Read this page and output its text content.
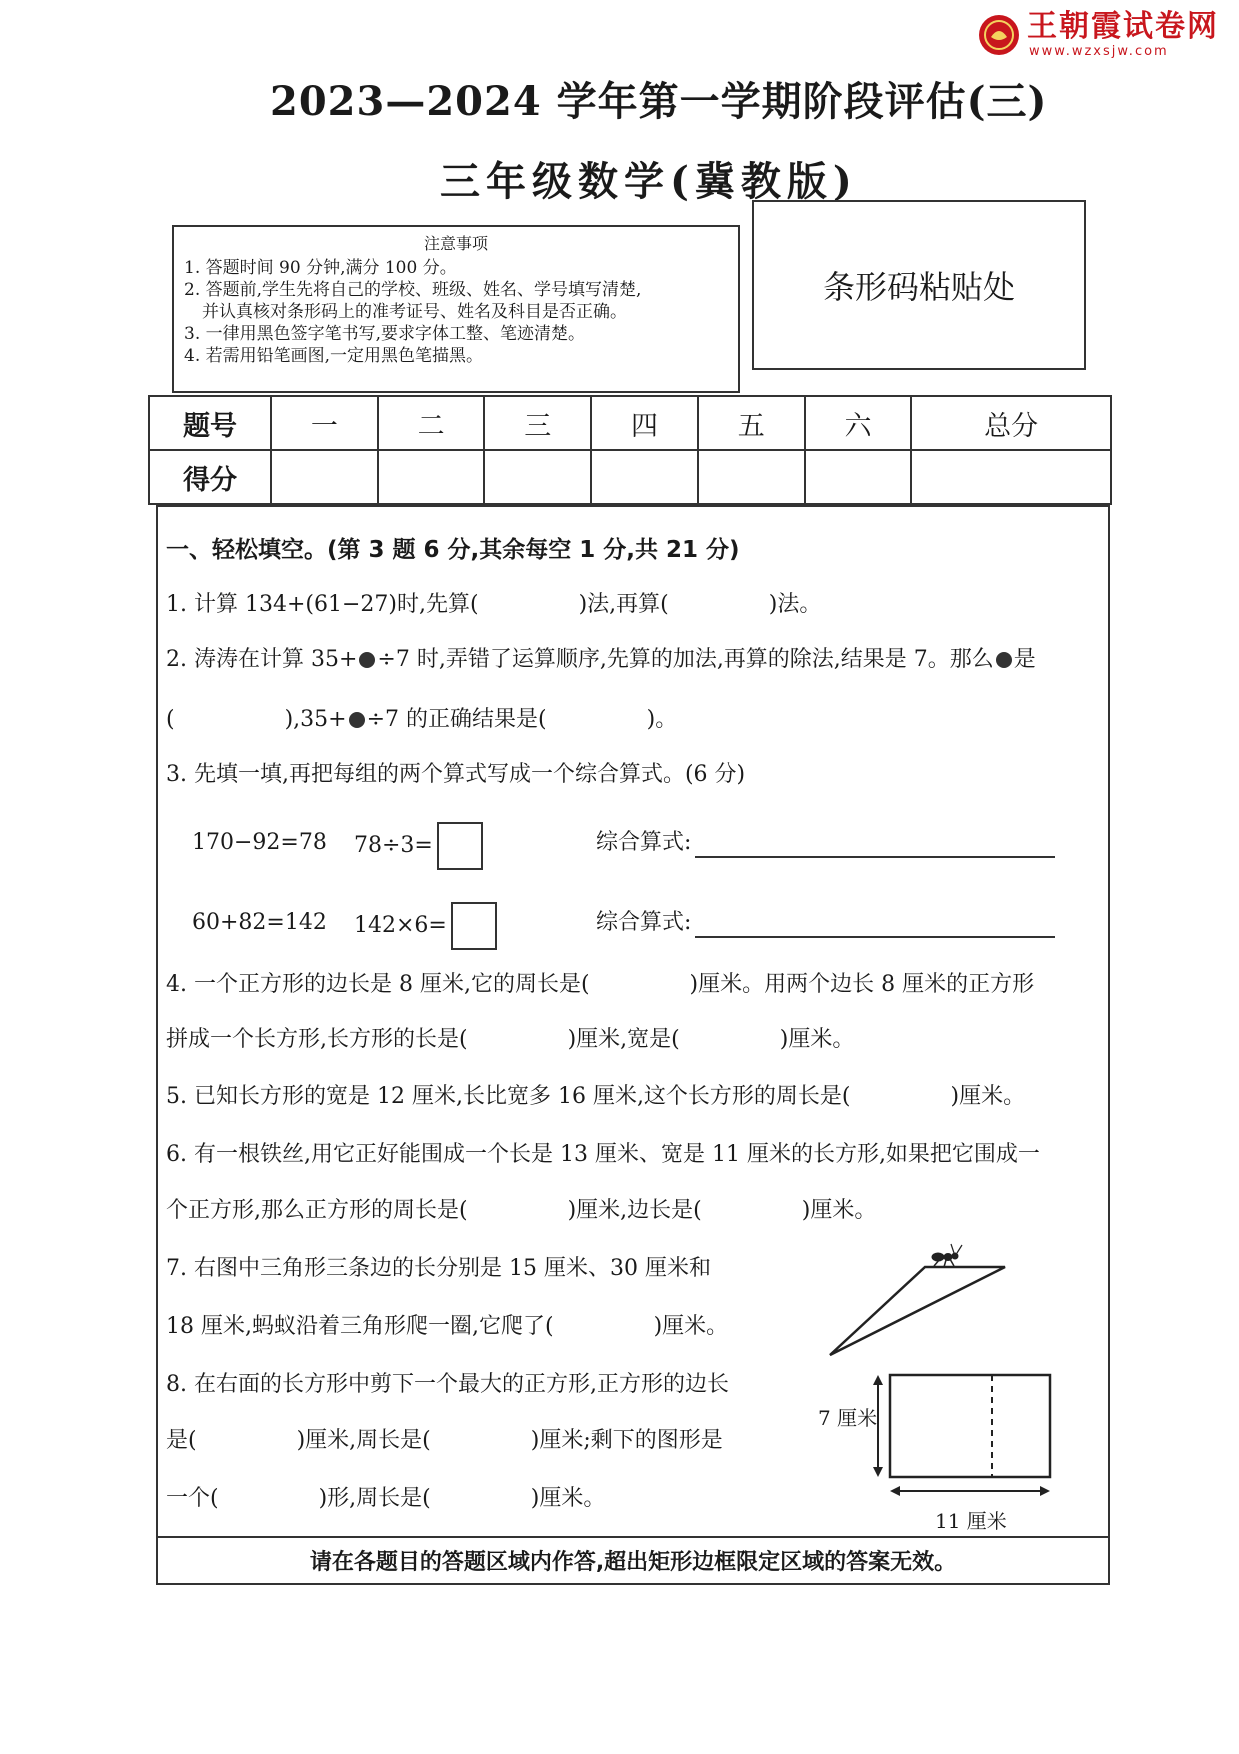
王朝霞试卷网
www.wzxsjw.com
2023—2024 学年第一学期阶段评估(三)
三年级数学(冀教版)
注意事项
1. 答题时间 90 分钟,满分 100 分。
2. 答题前,学生先将自己的学校、班级、姓名、学号填写清楚,
并认真核对条形码上的准考证号、姓名及科目是否正确。
3. 一律用黑色签字笔书写,要求字体工整、笔迹清楚。
4. 若需用铅笔画图,一定用黑色笔描黑。
条形码粘贴处
题号	一	二	三	四	五	六	总分
得分							
一、轻松填空。(第 3 题 6 分,其余每空 1 分,共 21 分)
1. 计算 134+(61−27)时,先算(	)法,再算(	)法。
2. 涛涛在计算 35+ ÷7 时,弄错了运算顺序,先算的加法,再算的除法,结果是 7。那么 是
(	),35+ ÷7 的正确结果是(	)。
3. 先填一填,再把每组的两个算式写成一个综合算式。(6 分)
170−92=78 78÷3=	综合算式:
60+82=142 142×6=	综合算式:
4. 一个正方形的边长是 8 厘米,它的周长是(	)厘米。用两个边长 8 厘米的正方形
拼成一个长方形,长方形的长是(	)厘米,宽是(	)厘米。
5. 已知长方形的宽是 12 厘米,长比宽多 16 厘米,这个长方形的周长是(	)厘米。
6. 有一根铁丝,用它正好能围成一个长是 13 厘米、宽是 11 厘米的长方形,如果把它围成一
个正方形,那么正方形的周长是(	)厘米,边长是(	)厘米。
7. 右图中三角形三条边的长分别是 15 厘米、30 厘米和
18 厘米,蚂蚁沿着三角形爬一圈,它爬了(	)厘米。
8. 在右面的长方形中剪下一个最大的正方形,正方形的边长
是(	)厘米,周长是(	)厘米;剩下的图形是
一个(	)形,周长是(	)厘米。
7 厘米
11 厘米
请在各题目的答题区域内作答,超出矩形边框限定区域的答案无效。
